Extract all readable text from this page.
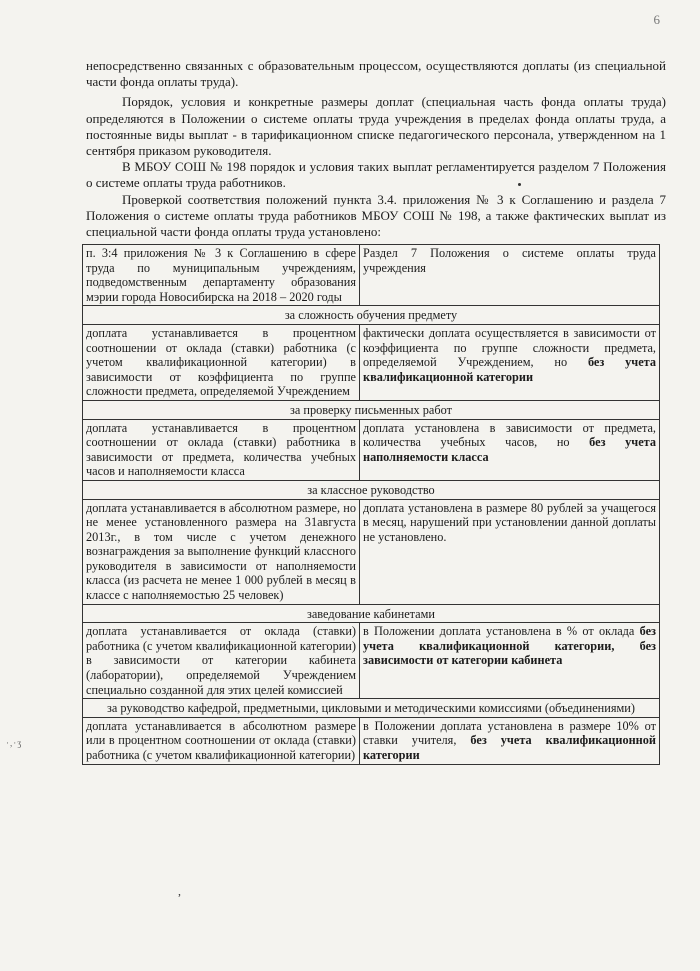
6

непосредственно связанных с образовательным процессом, осуществляются доплаты (из специальной части фонда оплаты труда).

Порядок, условия и конкретные размеры доплат (специальная часть фонда оплаты труда) определяются в Положении о системе оплаты труда учреждения в пределах фонда оплаты труда, а постоянные виды выплат - в тарификационном списке педагогического персонала, утвержденном на 1 сентября приказом руководителя.

В МБОУ СОШ № 198 порядок и условия таких выплат регламентируется разделом 7 Положения о системе оплаты труда работников.

Проверкой соответствия положений пункта 3.4. приложения № 3 к Соглашению и раздела 7 Положения о системе оплаты труда работников МБОУ СОШ № 198, а также фактических выплат из специальной части фонда оплаты труда установлено:

п. 3:4 приложения № 3 к Соглашению в сфере труда по муниципальным учреждениям, подведомственным департаменту образования мэрии города Новосибирска на 2018 – 2020 годы	Раздел 7 Положения о системе оплаты труда учреждения
за сложность обучения предмету	
доплата устанавливается в процентном соотношении от оклада (ставки) работника (с учетом квалификационной категории) в зависимости от коэффициента по группе сложности предмета, определяемой Учреждением	фактически доплата осуществляется в зависимости от коэффициента по группе сложности предмета, определяемой Учреждением, но без учета квалификационной категории
за проверку письменных работ	
доплата устанавливается в процентном соотношении от оклада (ставки) работника в зависимости от предмета, количества учебных часов и наполняемости класса	доплата установлена в зависимости от предмета, количества учебных часов, но без учета наполняемости класса
за классное руководство	
доплата устанавливается в абсолютном размере, но не менее установленного размера на 31августа 2013г., в том числе с учетом денежного вознаграждения за выполнение функций классного руководителя в зависимости от наполняемости класса (из расчета не менее 1 000 рублей в месяц в классе с наполняемостью 25 человек)	доплата установлена в размере 80 рублей за учащегося в месяц, нарушений при установлении данной доплаты не установлено.
заведование кабинетами	
доплата устанавливается от оклада (ставки) работника (с учетом квалификационной категории) в зависимости от категории кабинета (лаборатории), определяемой Учреждением специально созданной для этих целей комиссией	в Положении доплата установлена в % от оклада без учета квалификационной категории, без зависимости от категории кабинета
за руководство кафедрой, предметными, цикловыми и методическими комиссиями (объединениями)	
доплата устанавливается в абсолютном размере или в процентном соотношении от оклада (ставки) работника (с учетом квалификационной категории)	в Положении доплата установлена в размере 10% от ставки учителя, без учета квалификационной категории
·,·ʒ
,
